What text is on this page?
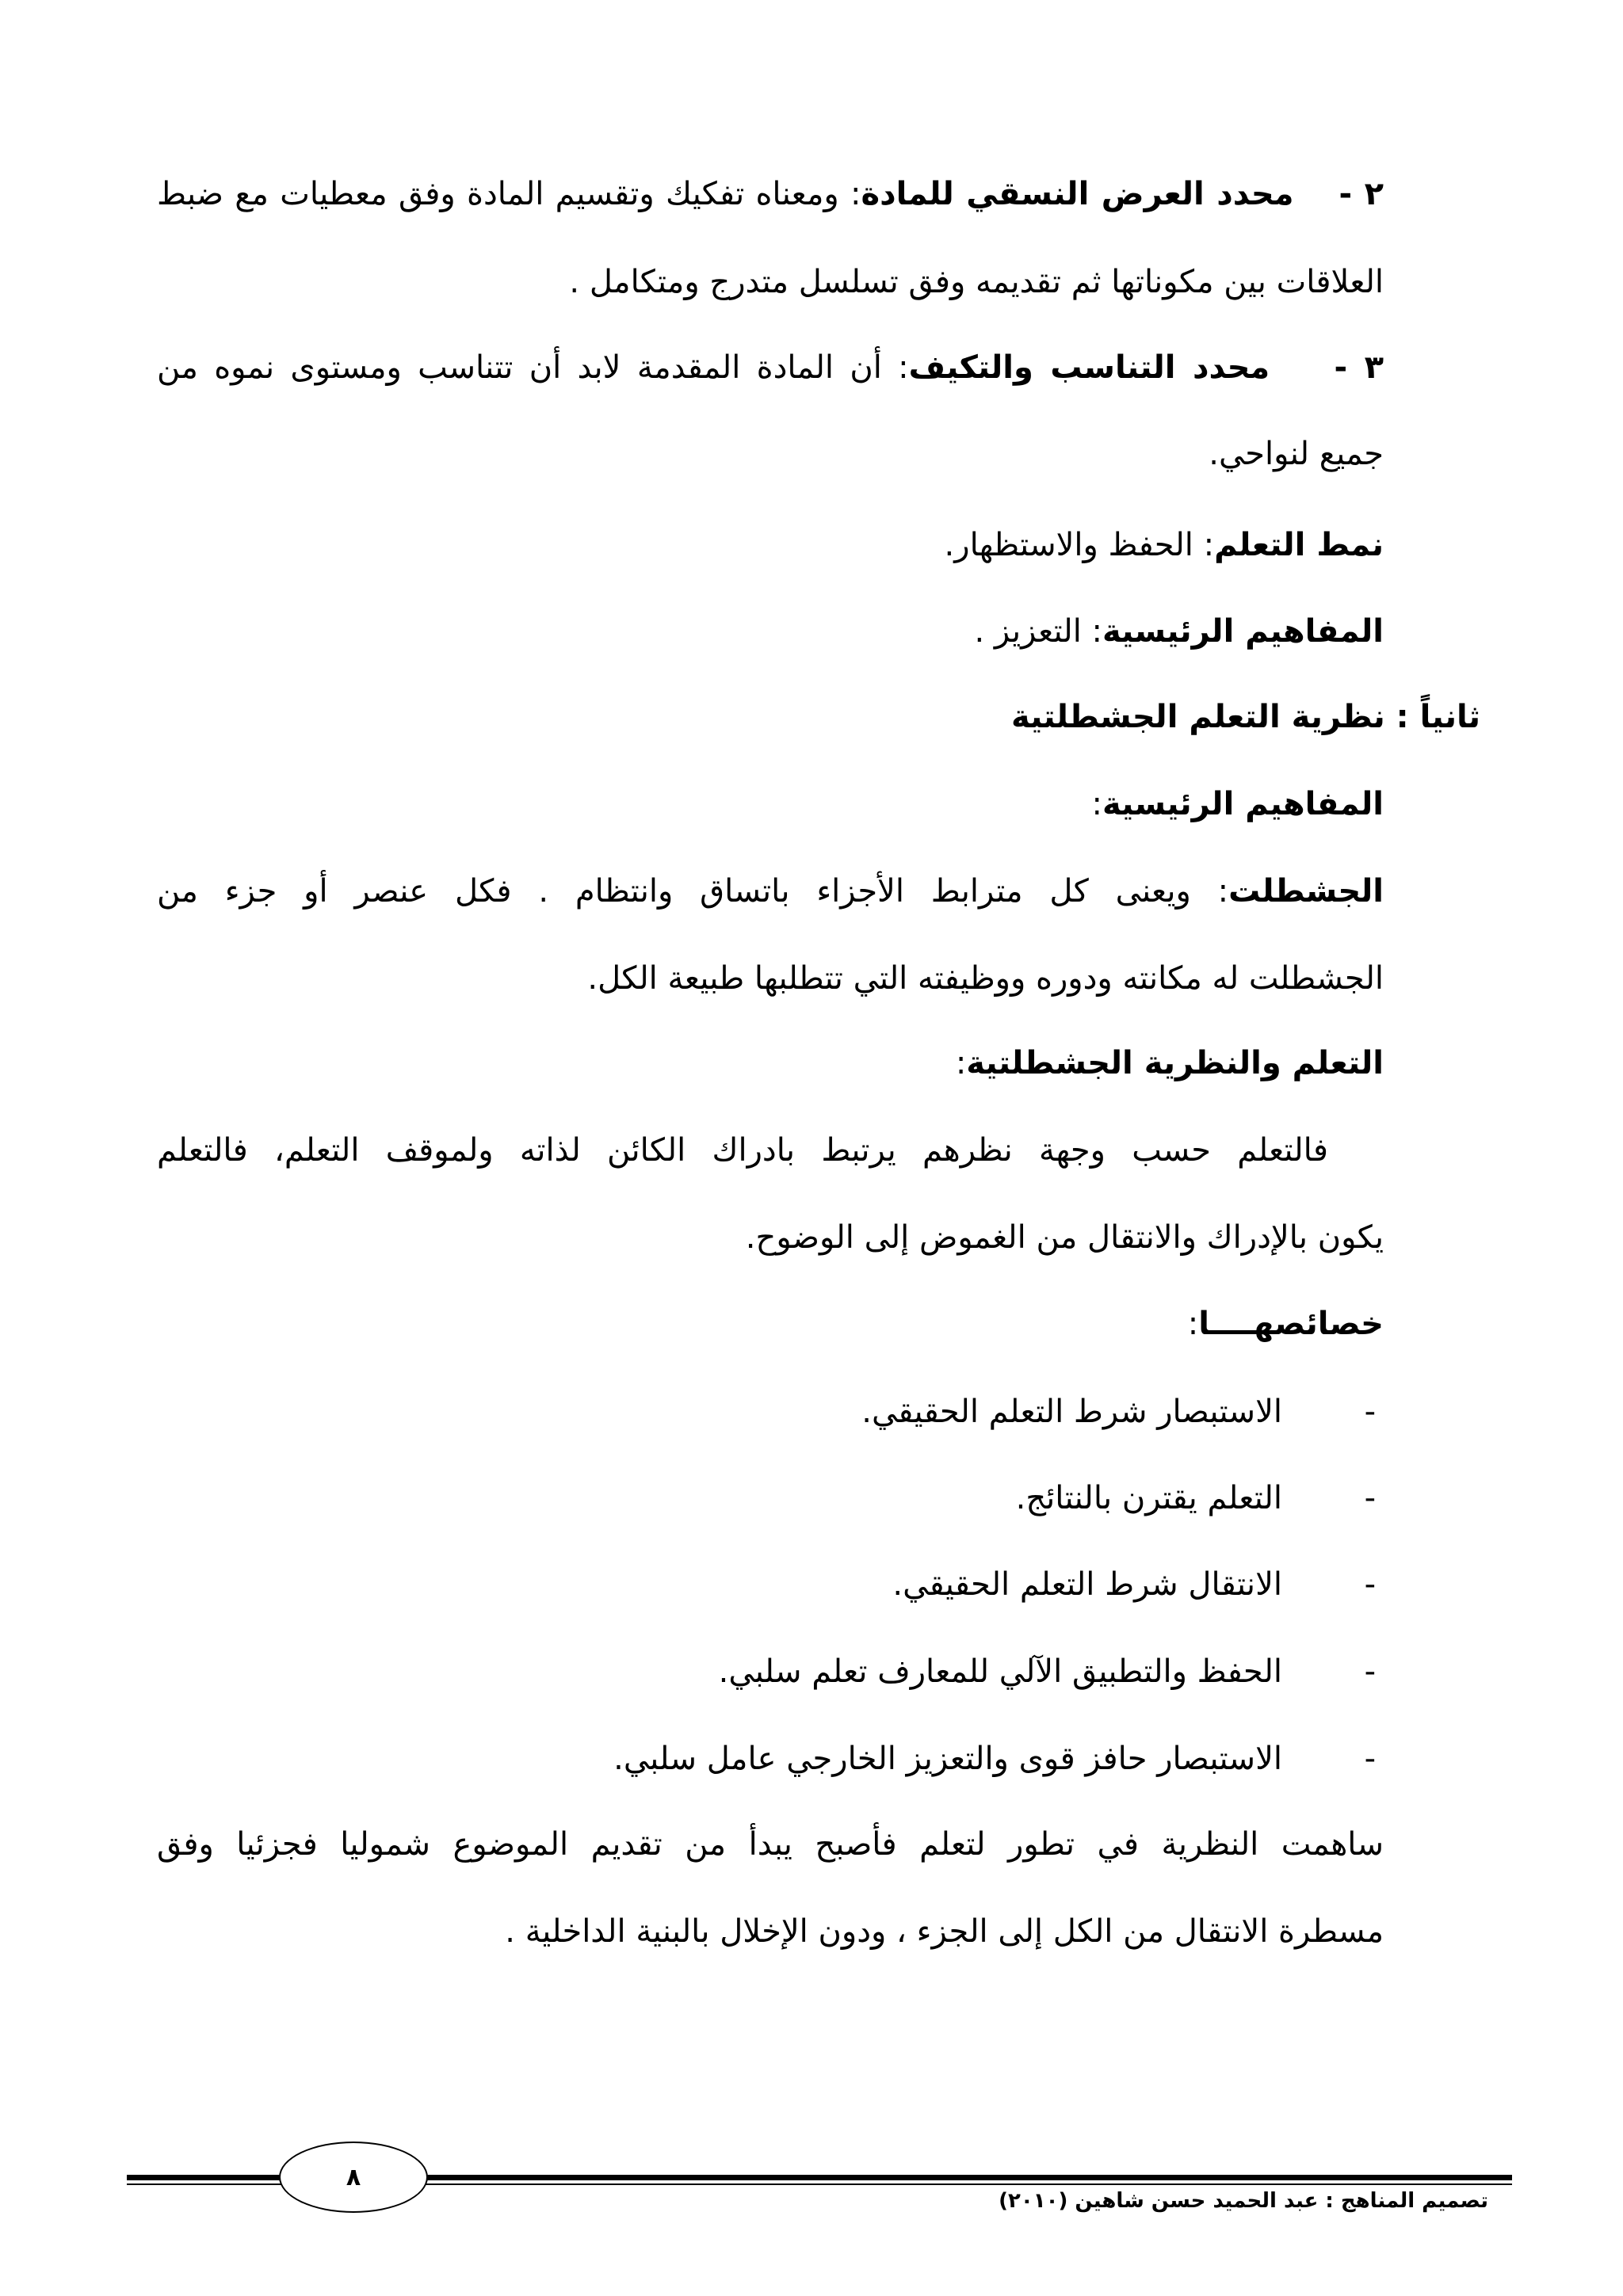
٢ -    محدد العرض النسقي للمادة: ومعناه تفكيك وتقسيم المادة وفق معطيات مع ضبط
العلاقات بين مكوناتها ثم تقديمه وفق تسلسل متدرج ومتكامل .
٣ -    محدد التناسب والتكيف: أن المادة المقدمة لابد أن تتناسب ومستوى نموه من
جميع لنواحي.
نمط التعلم: الحفظ والاستظهار.
المفاهيم الرئيسية: التعزيز .
ثانياً : نظرية التعلم الجشطلتية
المفاهيم الرئيسية:
الجشطلت: ويعنى كل مترابط الأجزاء باتساق وانتظام . فكل عنصر أو جزء من
الجشطلت له مكانته ودوره ووظيفته التي تتطلبها طبيعة الكل.
التعلم والنظرية الجشطلتية:
فالتعلم حسب وجهة نظرهم يرتبط بادراك الكائن لذاته ولموقف التعلم، فالتعلم
يكون بالإدراك والانتقال من الغموض إلى الوضوح.
خصائصهــــا:
-
الاستبصار شرط التعلم الحقيقي.
-
التعلم يقترن بالنتائج.
-
الانتقال شرط التعلم الحقيقي.
-
الحفظ والتطبيق الآلي للمعارف تعلم سلبي.
-
الاستبصار حافز قوى والتعزيز الخارجي عامل سلبي.
ساهمت النظرية في تطور لتعلم فأصبح يبدأ من تقديم الموضوع شموليا فجزئيا وفق
مسطرة الانتقال من الكل إلى الجزء ، ودون الإخلال بالبنية الداخلية .
٨
تصميم المناهج : عبد الحميد حسن شاهين (٢٠١٠)
